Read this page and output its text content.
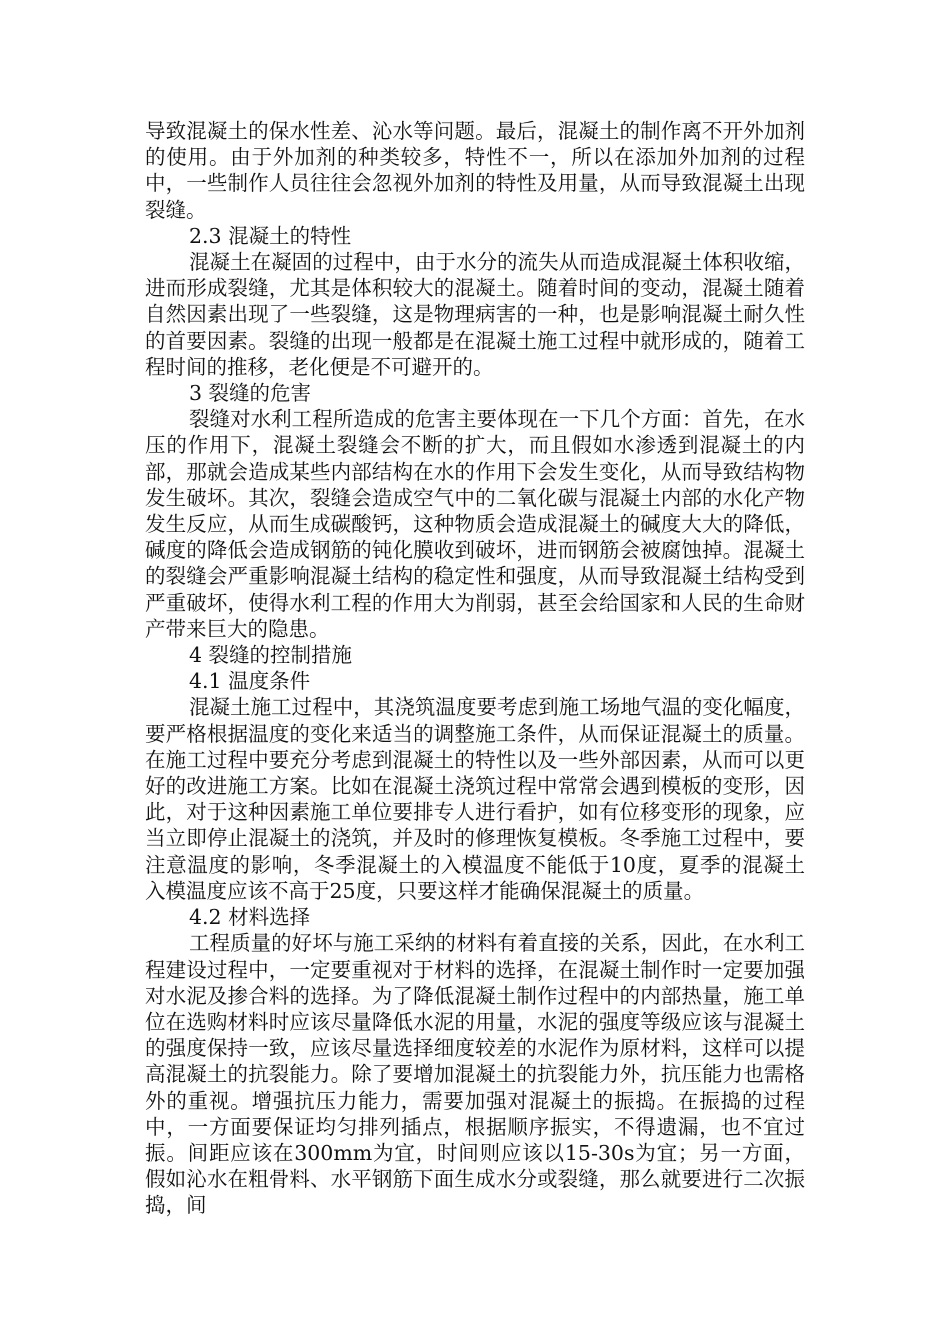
导致混凝土的保水性差、沁水等问题。最后，混凝土的制作离不开外加剂的使用。由于外加剂的种类较多，特性不一，所以在添加外加剂的过程中，一些制作人员往往会忽视外加剂的特性及用量，从而导致混凝土出现裂缝。

2.3 混凝土的特性

混凝土在凝固的过程中，由于水分的流失从而造成混凝土体积收缩，进而形成裂缝，尤其是体积较大的混凝土。随着时间的变动，混凝土随着自然因素出现了一些裂缝，这是物理病害的一种，也是影响混凝土耐久性的首要因素。裂缝的出现一般都是在混凝土施工过程中就形成的，随着工程时间的推移，老化便是不可避开的。

3 裂缝的危害

裂缝对水利工程所造成的危害主要体现在一下几个方面：首先，在水压的作用下，混凝土裂缝会不断的扩大，而且假如水渗透到混凝土的内部，那就会造成某些内部结构在水的作用下会发生变化，从而导致结构物发生破坏。其次，裂缝会造成空气中的二氧化碳与混凝土内部的水化产物发生反应，从而生成碳酸钙，这种物质会造成混凝土的碱度大大的降低，碱度的降低会造成钢筋的钝化膜收到破坏，进而钢筋会被腐蚀掉。混凝土的裂缝会严重影响混凝土结构的稳定性和强度，从而导致混凝土结构受到严重破坏，使得水利工程的作用大为削弱，甚至会给国家和人民的生命财产带来巨大的隐患。

4 裂缝的控制措施

4.1 温度条件

混凝土施工过程中，其浇筑温度要考虑到施工场地气温的变化幅度，要严格根据温度的变化来适当的调整施工条件，从而保证混凝土的质量。在施工过程中要充分考虑到混凝土的特性以及一些外部因素，从而可以更好的改进施工方案。比如在混凝土浇筑过程中常常会遇到模板的变形，因此，对于这种因素施工单位要排专人进行看护，如有位移变形的现象，应当立即停止混凝土的浇筑，并及时的修理恢复模板。冬季施工过程中，要注意温度的影响，冬季混凝土的入模温度不能低于10度，夏季的混凝土入模温度应该不高于25度，只要这样才能确保混凝土的质量。

4.2 材料选择

工程质量的好坏与施工采纳的材料有着直接的关系，因此，在水利工程建设过程中，一定要重视对于材料的选择，在混凝土制作时一定要加强对水泥及掺合料的选择。为了降低混凝土制作过程中的内部热量，施工单位在选购材料时应该尽量降低水泥的用量，水泥的强度等级应该与混凝土的强度保持一致，应该尽量选择细度较差的水泥作为原材料，这样可以提高混凝土的抗裂能力。除了要增加混凝土的抗裂能力外，抗压能力也需格外的重视。增强抗压力能力，需要加强对混凝土的振捣。在振捣的过程中，一方面要保证均匀排列插点，根据顺序振实，不得遗漏，也不宜过振。间距应该在300mm为宜，时间则应该以15-30s为宜；另一方面，假如沁水在粗骨料、水平钢筋下面生成水分或裂缝，那么就要进行二次振捣，间
